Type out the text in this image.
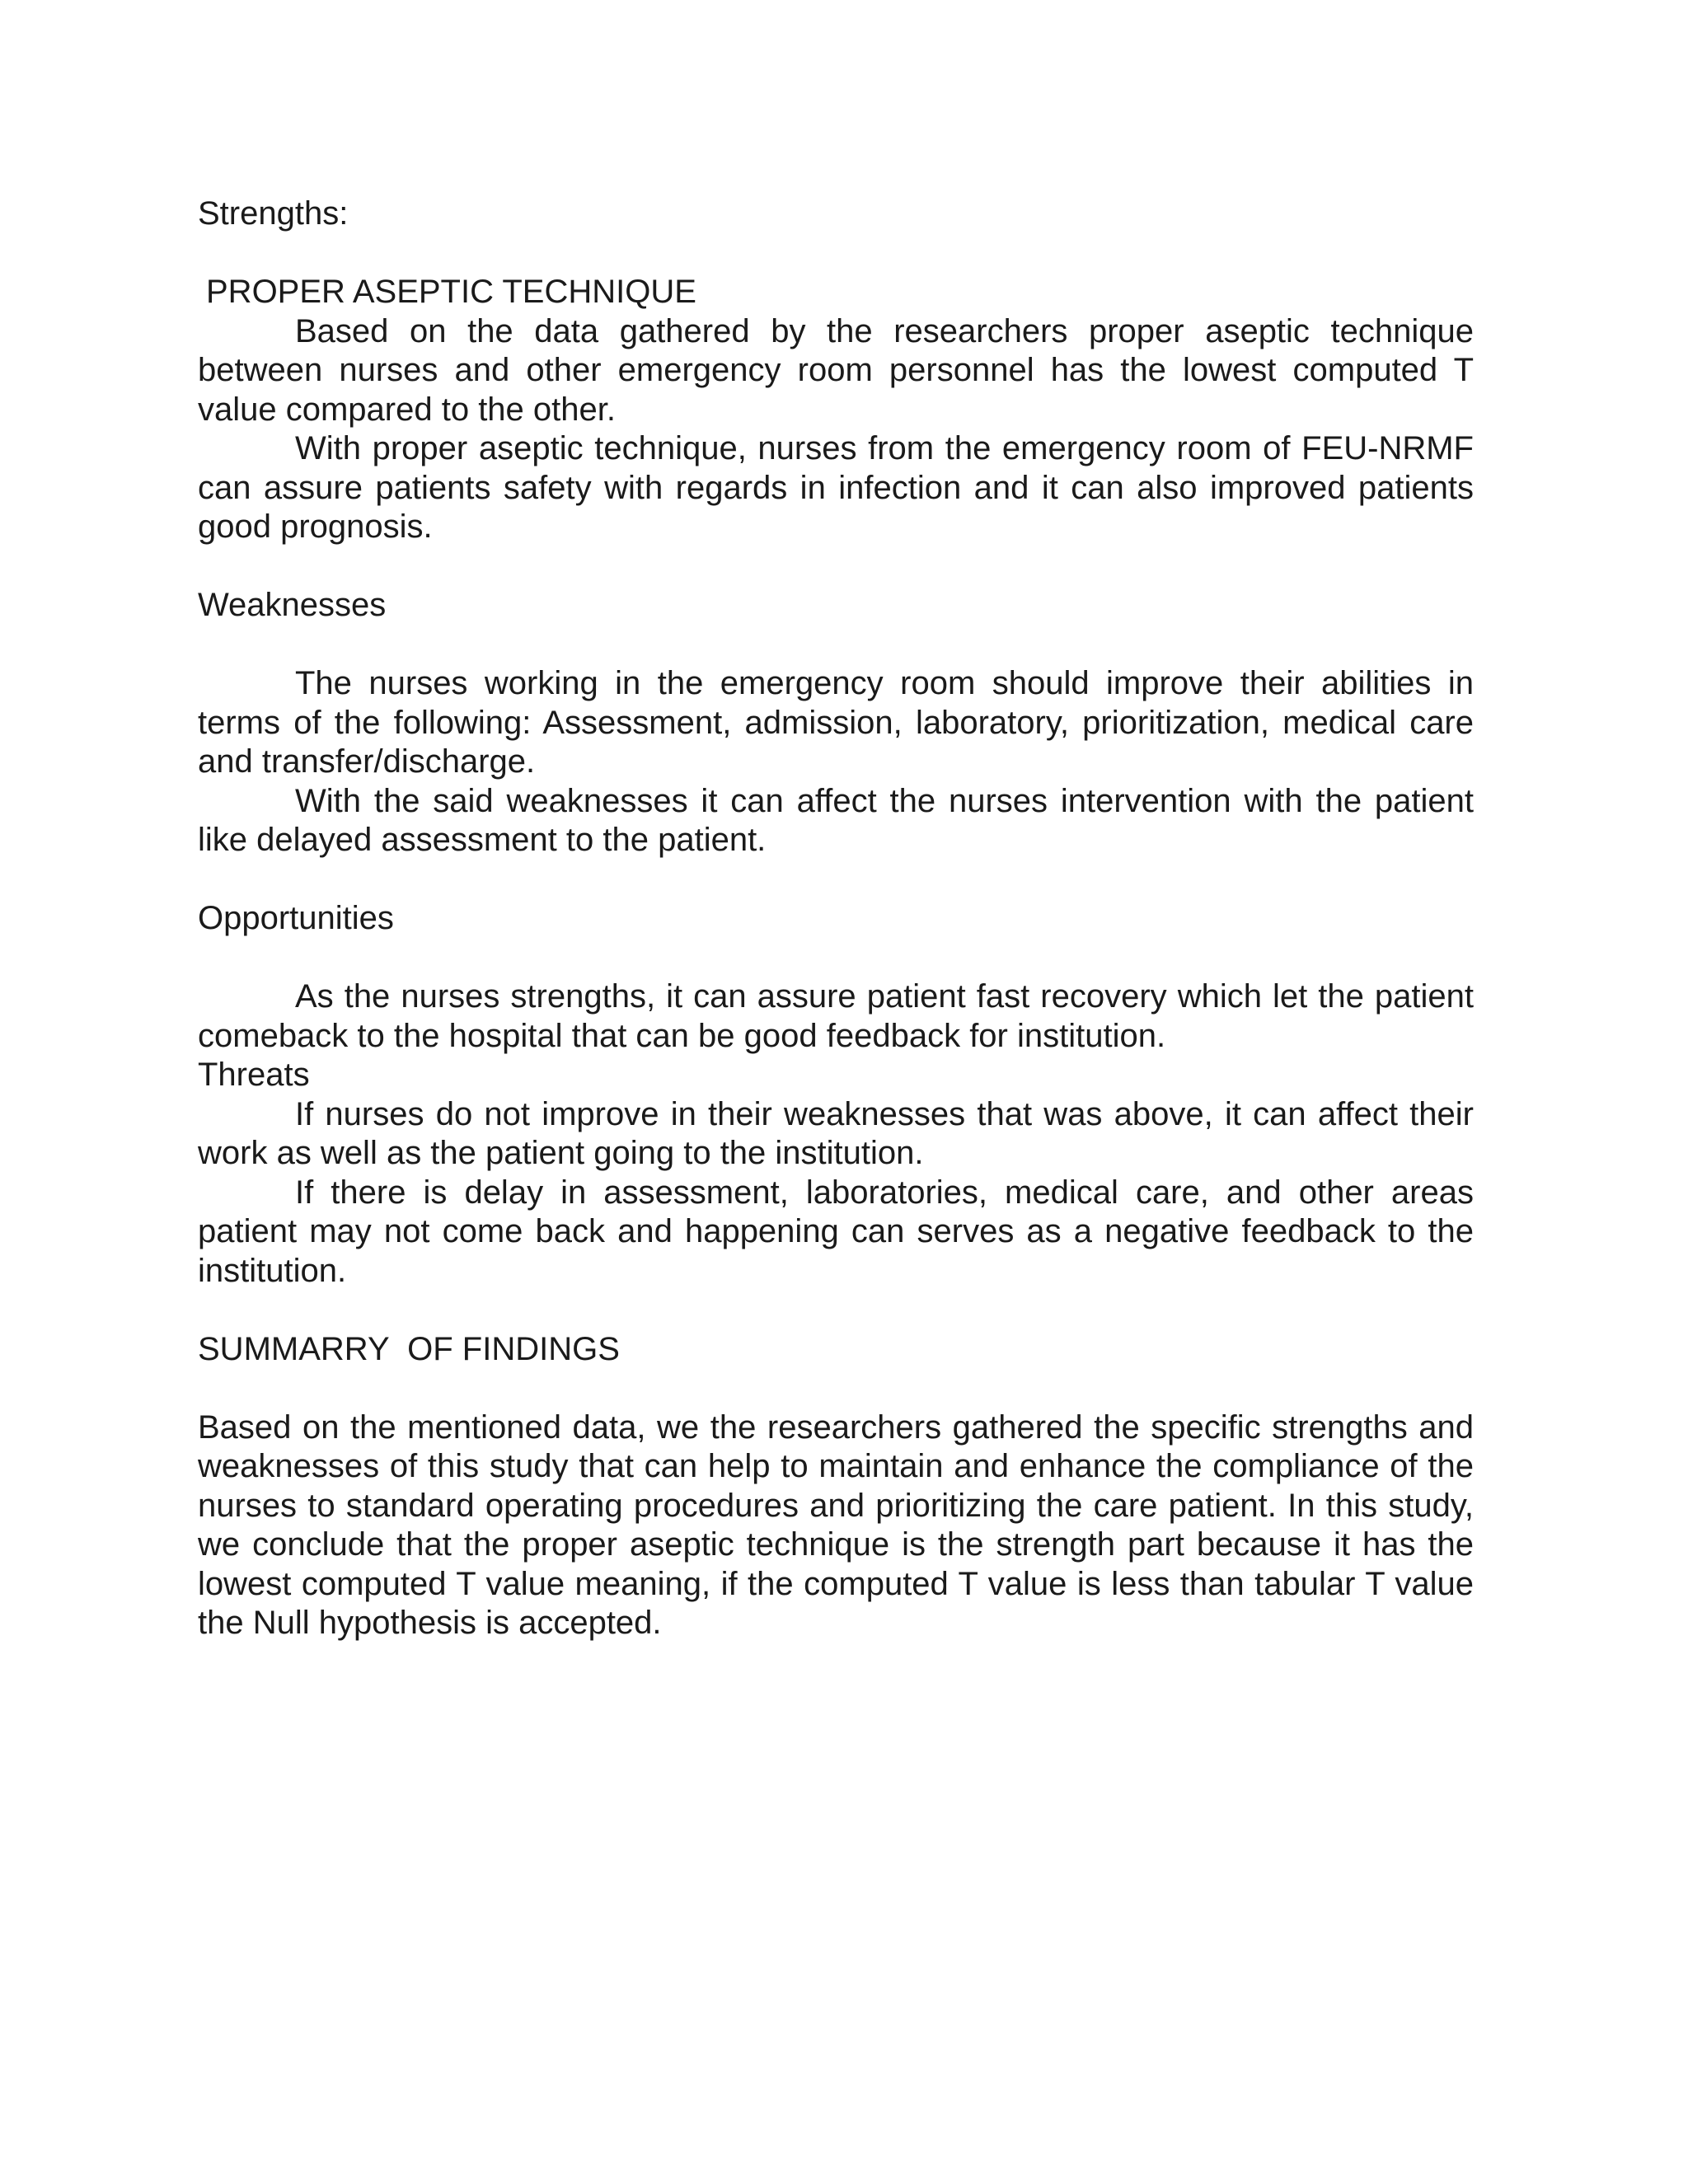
Strengths:

PROPER ASEPTIC TECHNIQUE

Based on the data gathered by the researchers proper aseptic technique between nurses and other emergency room personnel has the lowest computed T value compared to the other.

With proper aseptic technique, nurses from the emergency room of FEU-NRMF can assure patients safety with regards in infection and it can also improved patients good prognosis.

Weaknesses

The nurses working in the emergency room should improve their abilities in terms of the following: Assessment, admission, laboratory, prioritization, medical care and transfer/discharge.

With the said weaknesses it can affect the nurses intervention with the patient like delayed assessment to the patient.

Opportunities

As the nurses strengths, it can assure patient fast recovery which let the patient comeback to the hospital that can be good feedback for institution.

Threats

If nurses do not improve in their weaknesses that was above, it can affect their work as well as the patient going to the institution.

If there is delay in assessment, laboratories, medical care, and other areas patient may not come back and happening can serves as a negative feedback to the institution.

SUMMARRY  OF FINDINGS

Based on the mentioned data, we the researchers gathered the specific strengths and weaknesses of this study that can help to maintain and enhance the compliance of the nurses to standard operating procedures and prioritizing the care patient. In this study, we conclude that the proper aseptic technique is the strength part because it has the lowest computed T value meaning, if the computed T value is less than tabular T value the Null hypothesis is accepted.
